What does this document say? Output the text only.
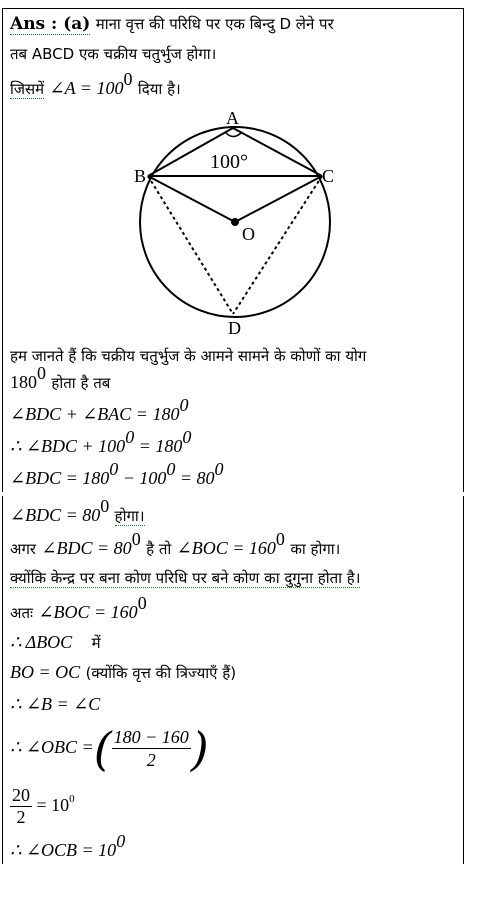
Ans : (a) माना वृत्त की परिधि पर एक बिन्दु D लेने पर
तब ABCD एक चक्रीय चतुर्भुज होगा।
जिसमें ∠A = $100^0$ दिया है।
A
B	C
O
D
100°
हम जानते हैं कि चक्रीय चतुर्भुज के आमने सामने के कोणों का योग
$180^0$ होता है तब
∠BDC + ∠BAC = $180^0$
∴ ∠BDC + $100^0 = 180^0$
∠BDC = $180^0 - 100^0 = 80^0$
∠BDC = $80^0$ होगा।
अगर ∠BDC = $80^0$ है तो ∠BOC = $160^0$ का होगा।
क्योंकि केन्द्र पर बना कोण परिधि पर बने कोण का दुगुना होता है।
अतः ∠BOC = $160^0$
∴ ΔBOC में
BO = OC (क्योंकि वृत्त की त्रिज्याएँ हैं)
∴ ∠B = ∠C
∴ ∠OBC =( $\frac{180 - 160}{2}$ )
$\frac{20}{2} = 10^0$
∴ ∠OCB = $10^0$
